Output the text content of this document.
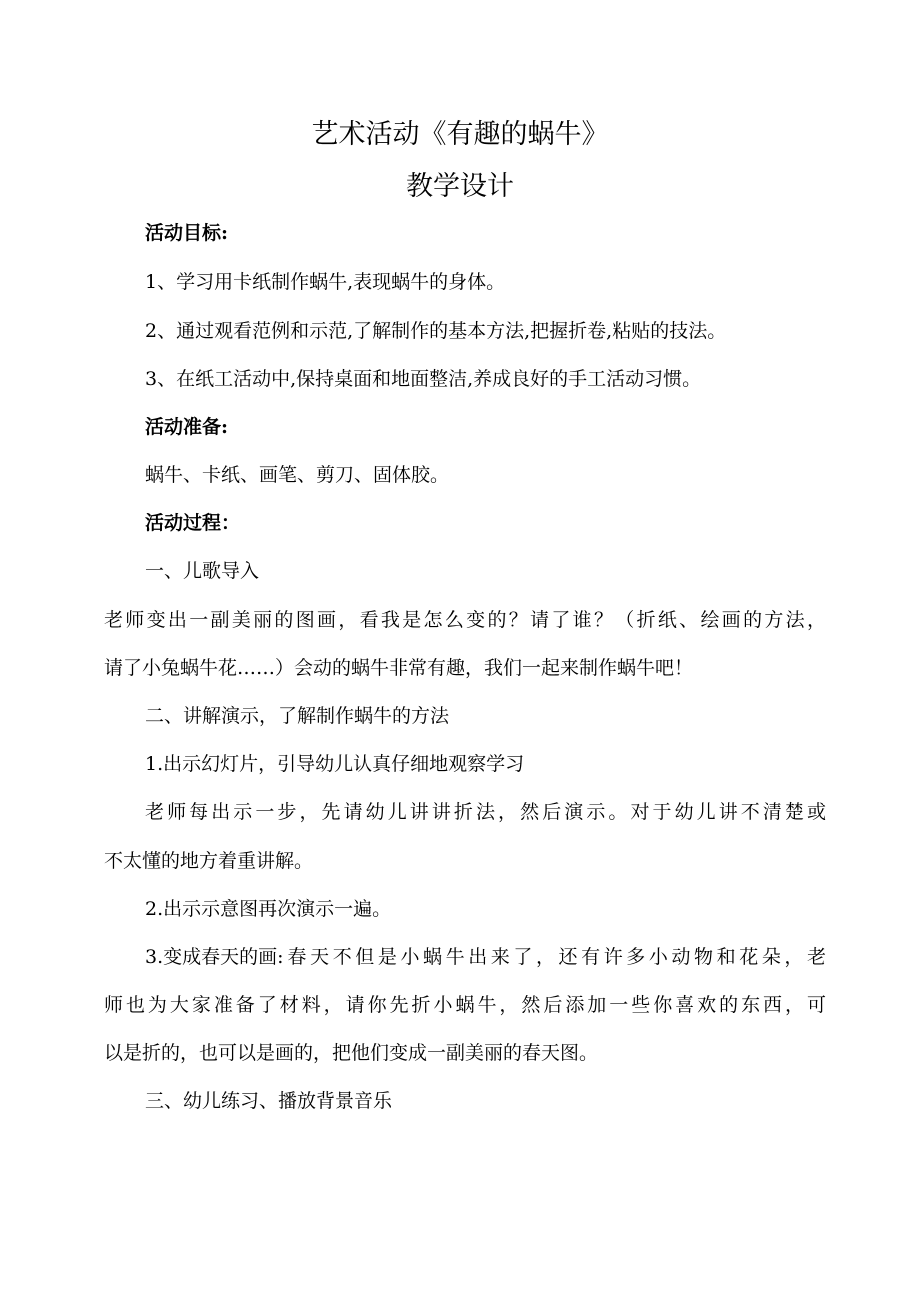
艺术活动《有趣的蜗牛》
教学设计
活动目标:
1、学习用卡纸制作蜗牛,表现蜗牛的身体。
2、通过观看范例和示范,了解制作的基本方法,把握折卷,粘贴的技法。
3、在纸工活动中,保持桌面和地面整洁,养成良好的手工活动习惯。
活动准备:
蜗牛、卡纸、画笔、剪刀、固体胶。
活动过程：
一、儿歌导入
老师变出一副美丽的图画，看我是怎么变的？请了谁？（折纸、绘画的方法，
请了小兔蜗牛花……）会动的蜗牛非常有趣，我们一起来制作蜗牛吧！
二、讲解演示，了解制作蜗牛的方法
1.出示幻灯片，引导幼儿认真仔细地观察学习
老师每出示一步，先请幼儿讲讲折法，然后演示。对于幼儿讲不清楚或
不太懂的地方着重讲解。
2.出示示意图再次演示一遍。
3.变成春天的画: 春天不但是小蜗牛出来了，还有许多小动物和花朵，老
师也为大家准备了材料，请你先折小蜗牛，然后添加一些你喜欢的东西，可
以是折的，也可以是画的，把他们变成一副美丽的春天图。
三、幼儿练习、播放背景音乐
